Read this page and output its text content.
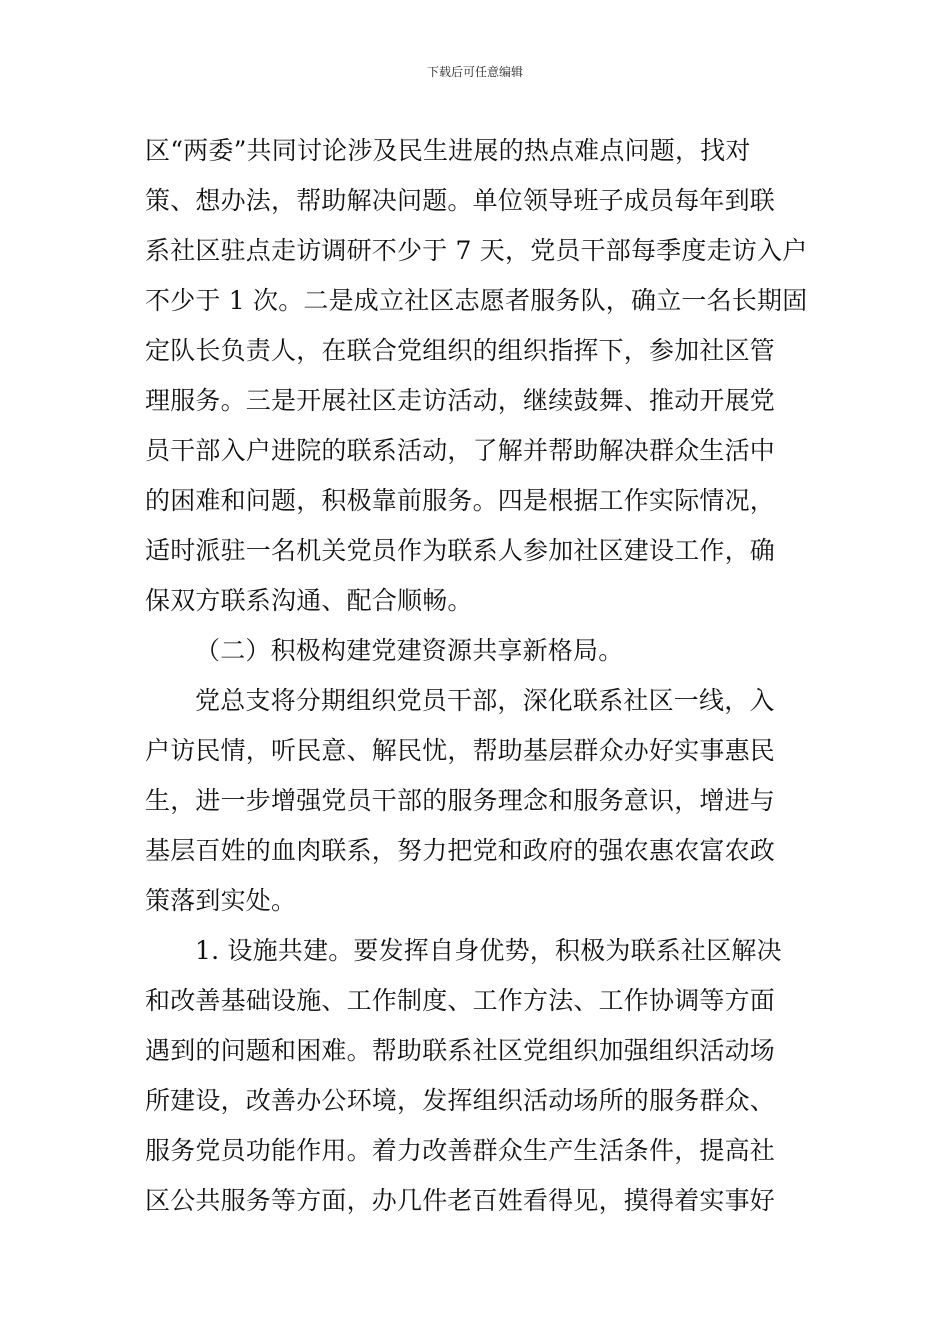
下载后可任意编辑
区“两委”共同讨论涉及民生进展的热点难点问题，找对
策、想办法，帮助解决问题。单位领导班子成员每年到联
系社区驻点走访调研不少于 7 天，党员干部每季度走访入户
不少于 1 次。二是成立社区志愿者服务队，确立一名长期固
定队长负责人，在联合党组织的组织指挥下，参加社区管
理服务。三是开展社区走访活动，继续鼓舞、推动开展党
员干部入户进院的联系活动，了解并帮助解决群众生活中
的困难和问题，积极靠前服务。四是根据工作实际情况，
适时派驻一名机关党员作为联系人参加社区建设工作，确
保双方联系沟通、配合顺畅。
（二）积极构建党建资源共享新格局。
党总支将分期组织党员干部，深化联系社区一线，入
户访民情，听民意、解民忧，帮助基层群众办好实事惠民
生，进一步增强党员干部的服务理念和服务意识，增进与
基层百姓的血肉联系，努力把党和政府的强农惠农富农政
策落到实处。
1. 设施共建。要发挥自身优势，积极为联系社区解决
和改善基础设施、工作制度、工作方法、工作协调等方面
遇到的问题和困难。帮助联系社区党组织加强组织活动场
所建设，改善办公环境，发挥组织活动场所的服务群众、
服务党员功能作用。着力改善群众生产生活条件，提高社
区公共服务等方面，办几件老百姓看得见，摸得着实事好
